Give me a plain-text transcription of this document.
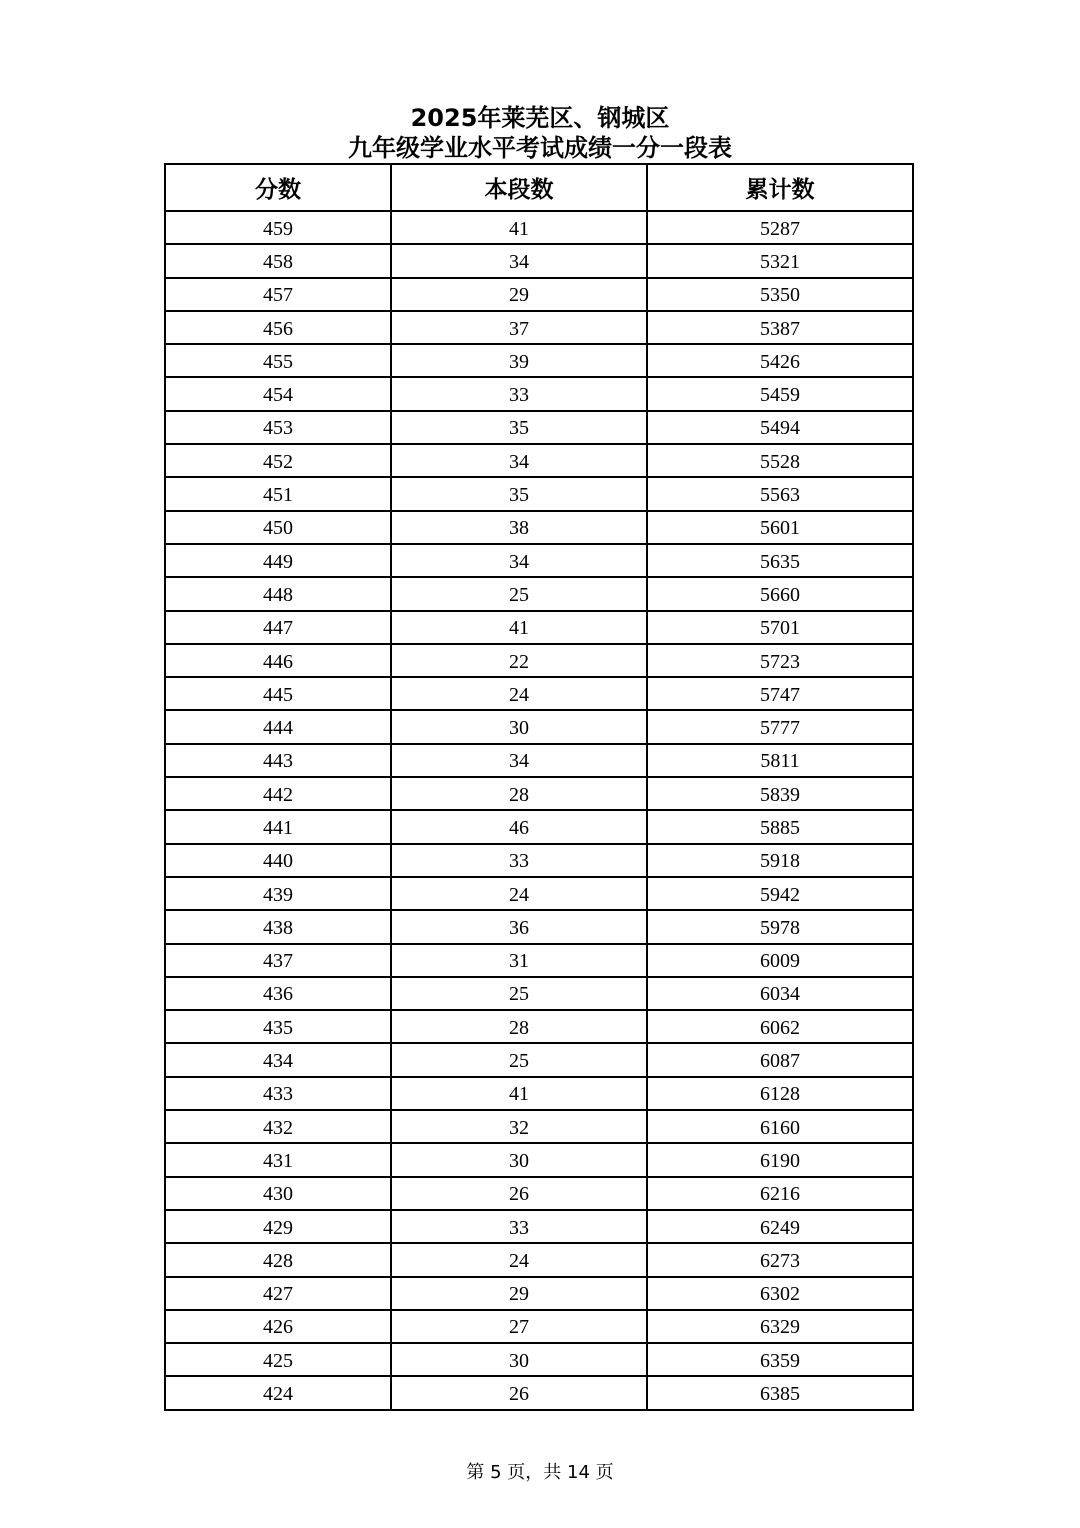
2025年莱芜区、钢城区
九年级学业水平考试成绩一分一段表
分数	本段数	累计数
459	41	5287
458	34	5321
457	29	5350
456	37	5387
455	39	5426
454	33	5459
453	35	5494
452	34	5528
451	35	5563
450	38	5601
449	34	5635
448	25	5660
447	41	5701
446	22	5723
445	24	5747
444	30	5777
443	34	5811
442	28	5839
441	46	5885
440	33	5918
439	24	5942
438	36	5978
437	31	6009
436	25	6034
435	28	6062
434	25	6087
433	41	6128
432	32	6160
431	30	6190
430	26	6216
429	33	6249
428	24	6273
427	29	6302
426	27	6329
425	30	6359
424	26	6385
第 5 页，共 14 页
